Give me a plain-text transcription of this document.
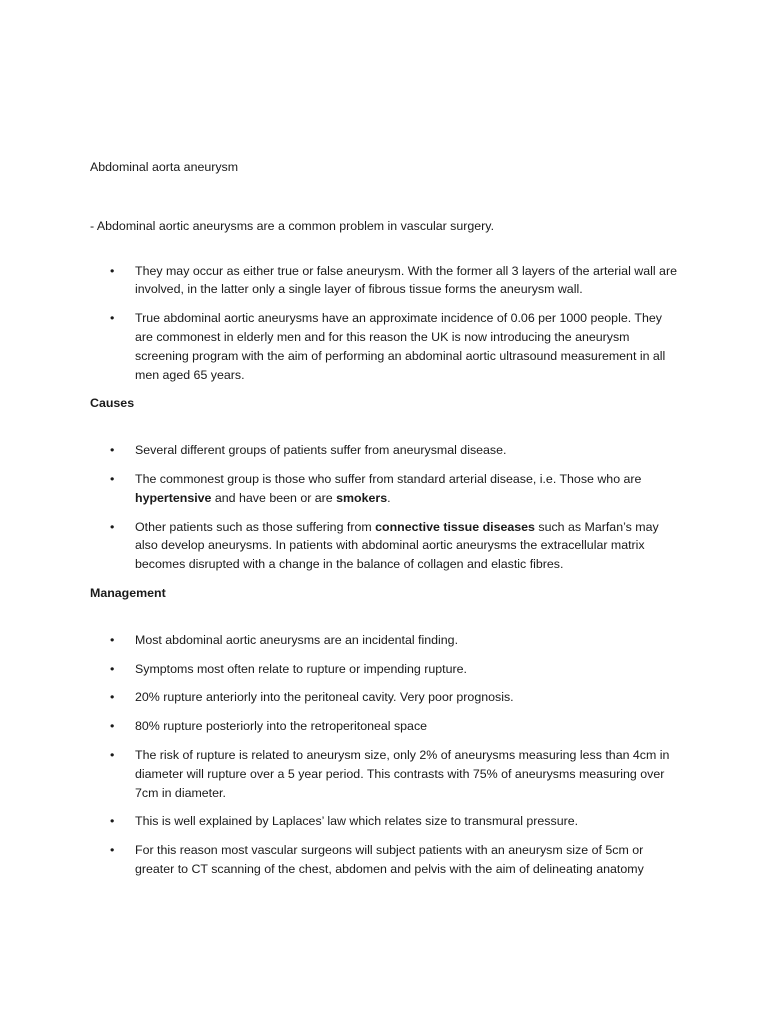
Abdominal aorta aneurysm
- Abdominal aortic aneurysms are a common problem in vascular surgery.
• They may occur as either true or false aneurysm. With the former all 3 layers of the arterial wall are involved, in the latter only a single layer of fibrous tissue forms the aneurysm wall.
• True abdominal aortic aneurysms have an approximate incidence of 0.06 per 1000 people. They are commonest in elderly men and for this reason the UK is now introducing the aneurysm screening program with the aim of performing an abdominal aortic ultrasound measurement in all men aged 65 years.
Causes
• Several different groups of patients suffer from aneurysmal disease.
• The commonest group is those who suffer from standard arterial disease, i.e. Those who are hypertensive and have been or are smokers.
• Other patients such as those suffering from connective tissue diseases such as Marfan’s may also develop aneurysms. In patients with abdominal aortic aneurysms the extracellular matrix becomes disrupted with a change in the balance of collagen and elastic fibres.
Management
• Most abdominal aortic aneurysms are an incidental finding.
• Symptoms most often relate to rupture or impending rupture.
• 20% rupture anteriorly into the peritoneal cavity. Very poor prognosis.
• 80% rupture posteriorly into the retroperitoneal space
• The risk of rupture is related to aneurysm size, only 2% of aneurysms measuring less than 4cm in diameter will rupture over a 5 year period. This contrasts with 75% of aneurysms measuring over 7cm in diameter.
• This is well explained by Laplaces’ law which relates size to transmural pressure.
• For this reason most vascular surgeons will subject patients with an aneurysm size of 5cm or greater to CT scanning of the chest, abdomen and pelvis with the aim of delineating anatomy
